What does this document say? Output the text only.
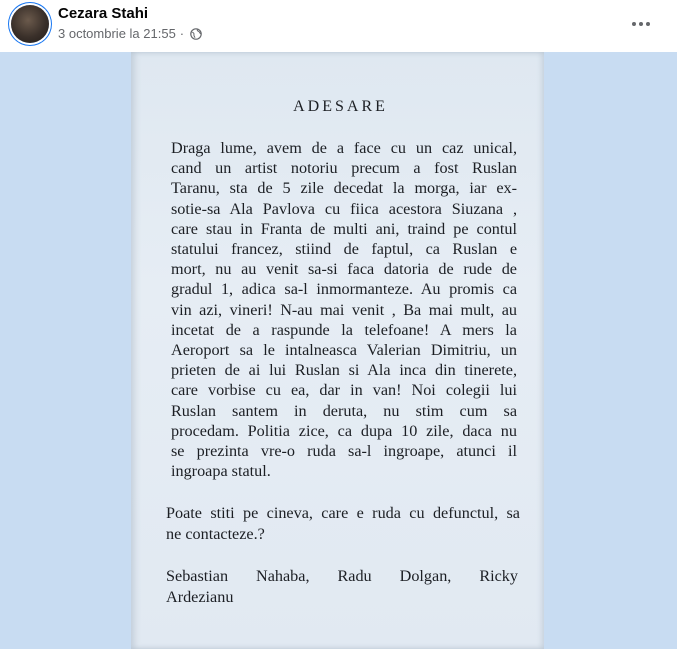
Cezara Stahi
3 octombrie la 21:55 ·
ADESARE

Draga lume, avem de a face cu un caz unical,
cand un artist notoriu precum a fost Ruslan
Taranu, sta de 5 zile decedat la morga, iar ex-
sotie-sa Ala Pavlova cu fiica acestora Siuzana ,
care stau in Franta de multi ani, traind pe contul
statului francez, stiind de faptul, ca Ruslan e
mort, nu au venit sa-si faca datoria de rude de
gradul 1, adica sa-l inmormanteze. Au promis ca
vin azi, vineri! N-au mai venit , Ba mai mult, au
incetat de a raspunde la telefoane! A mers la
Aeroport sa le intalneasca Valerian Dimitriu, un
prieten de ai lui Ruslan si Ala inca din tinerete,
care vorbise cu ea, dar in van! Noi colegii lui
Ruslan santem in deruta, nu stim cum sa
procedam. Politia zice, ca dupa 10 zile, daca nu
se prezinta vre-o ruda sa-l ingroape, atunci il
ingroapa statul.

Poate stiti pe cineva, care e ruda cu defunctul, sa
ne contacteze.?

Sebastian Nahaba, Radu Dolgan, Ricky
Ardezianu
